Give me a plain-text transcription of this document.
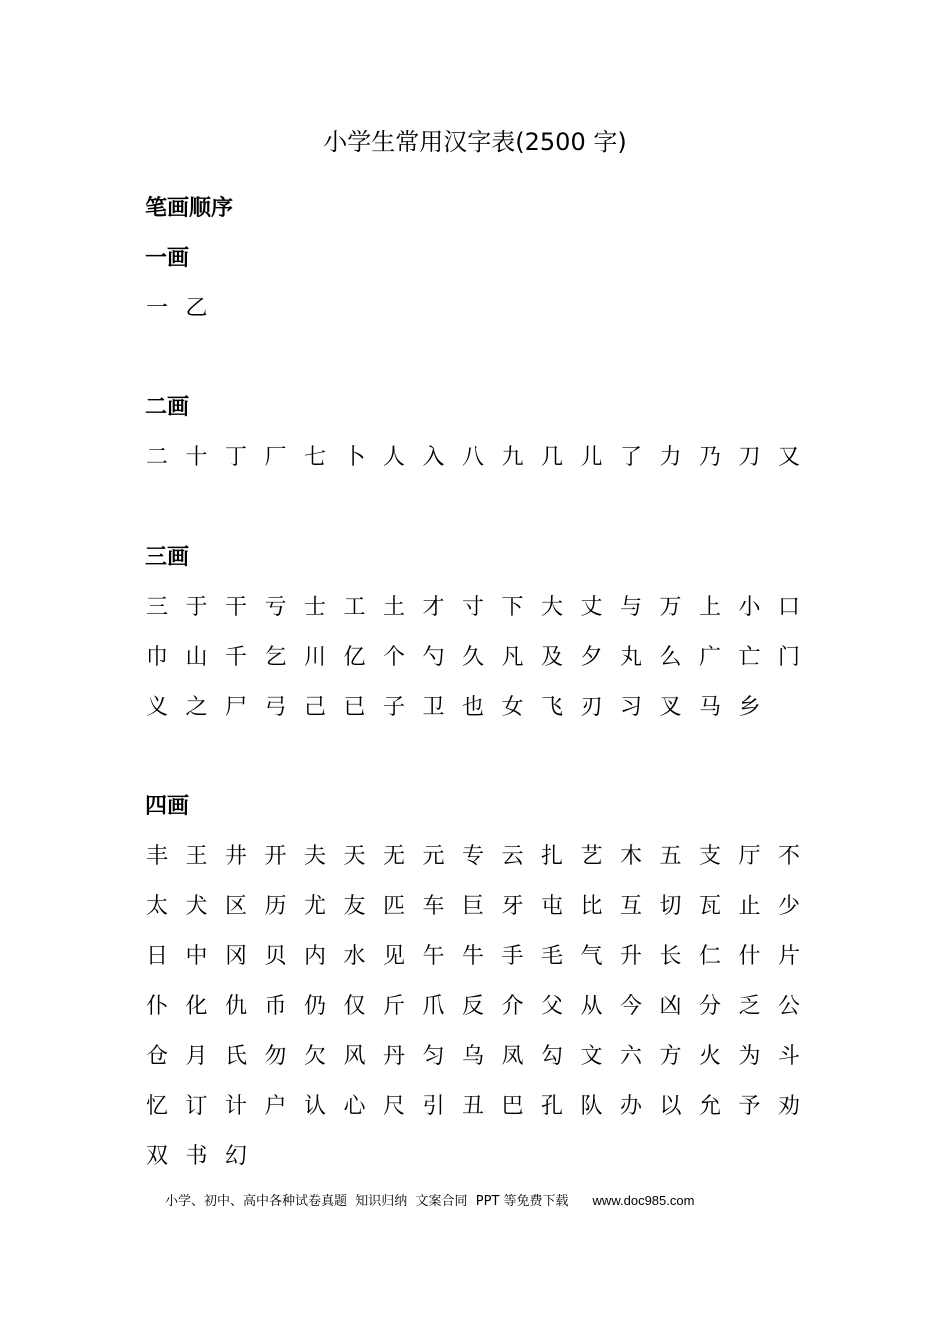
小学生常用汉字表(2500 字)
笔画顺序
一画
一 乙
二画
二 十 丁 厂 七 卜 人 入 八 九 几 儿 了 力 乃 刀 又
三画
三 于 干 亏 士 工 土 才 寸 下 大 丈 与 万 上 小 口
巾 山 千 乞 川 亿 个 勺 久 凡 及 夕 丸 么 广 亡 门
义 之 尸 弓 己 已 子 卫 也 女 飞 刃 习 叉 马 乡
四画
丰 王 井 开 夫 天 无 元 专 云 扎 艺 木 五 支 厅 不
太 犬 区 历 尤 友 匹 车 巨 牙 屯 比 互 切 瓦 止 少
日 中 冈 贝 内 水 见 午 牛 手 毛 气 升 长 仁 什 片
仆 化 仇 币 仍 仅 斤 爪 反 介 父 从 今 凶 分 乏 公
仓 月 氏 勿 欠 风 丹 匀 乌 凤 勾 文 六 方 火 为 斗
忆 订 计 户 认 心 尺 引 丑 巴 孔 队 办 以 允 予 劝
双 书 幻
小学、初中、高中各种试卷真题  知识归纳  文案合同  PPT 等免费下载 www.doc985.com
